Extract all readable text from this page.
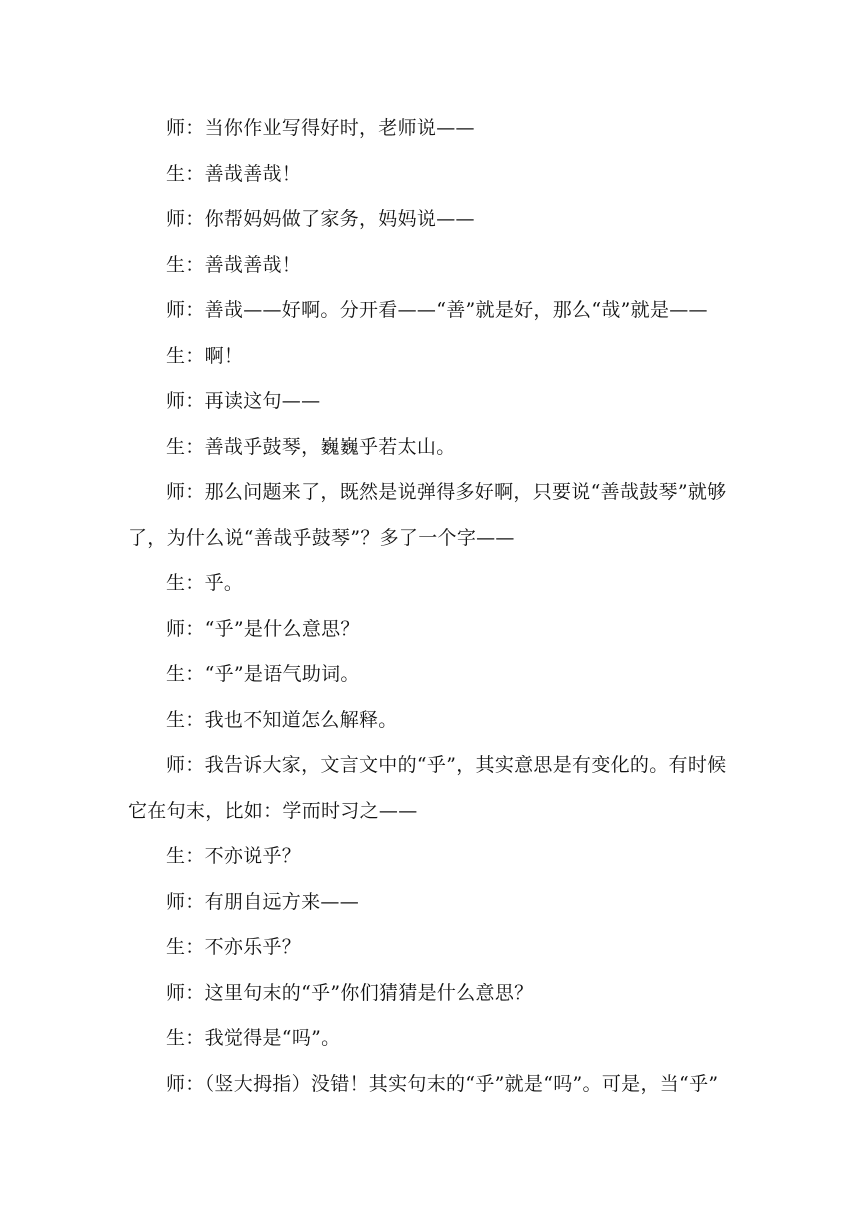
师：当你作业写得好时，老师说——

生：善哉善哉！

师：你帮妈妈做了家务，妈妈说——

生：善哉善哉！

师：善哉——好啊。分开看——“善”就是好，那么“哉”就是——

生：啊！

师：再读这句——

生：善哉乎鼓琴，巍巍乎若太山。

师：那么问题来了，既然是说弹得多好啊，只要说“善哉鼓琴”就够了，为什么说“善哉乎鼓琴”？多了一个字——

生：乎。

师：“乎”是什么意思？

生：“乎”是语气助词。

生：我也不知道怎么解释。

师：我告诉大家，文言文中的“乎”，其实意思是有变化的。有时候它在句末，比如：学而时习之——

生：不亦说乎？

师：有朋自远方来——

生：不亦乐乎？

师：这里句末的“乎”你们猜猜是什么意思？

生：我觉得是“吗”。

师：（竖大拇指）没错！其实句末的“乎”就是“吗”。可是，当“乎”
